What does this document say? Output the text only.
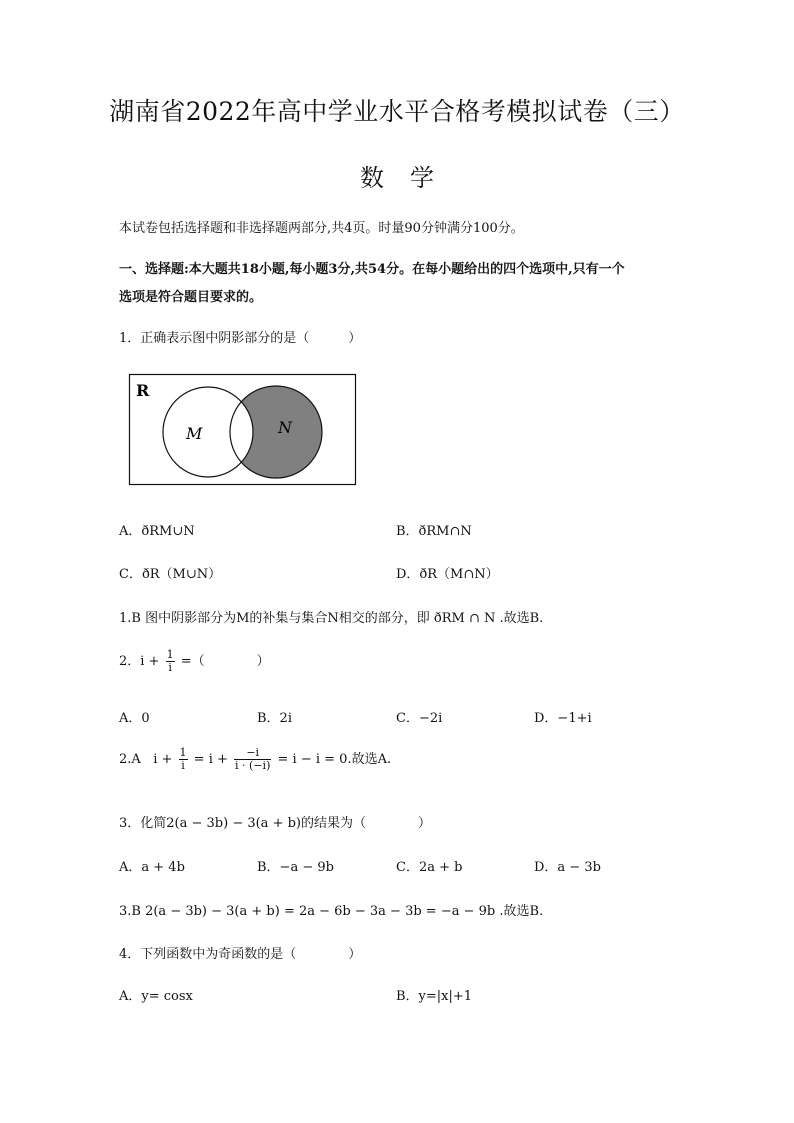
湖南省2022年高中学业水平合格考模拟试卷（三）
数学
本试卷包括选择题和非选择题两部分,共4页。时量90分钟满分100分。
一、选择题:本大题共18小题,每小题3分,共54分。在每小题给出的四个选项中,只有一个
选项是符合题目要求的。
1．正确表示图中阴影部分的是（　　　）
R
M	N
A．ðRM∪N	B．ðRM∩N
C．ðR（M∪N）	D．ðR（M∩N）
1.B 图中阴影部分为M的补集与集合N相交的部分，即 ðRM ∩ N .故选B.
2．$i + \frac{1}{i}$ =（　　　　）
A．0	B．2i	C．−2i	D．−1+i
2.A $i + \frac{1}{i} = i + \frac{-i}{i \cdot (-i)} = i - i = 0$.故选A.
3．化简2(a − 3b) − 3(a + b)的结果为（　　　　）
A．a + 4b	B．−a − 9b	C．2a + b	D．a − 3b
3.B 2(a − 3b) − 3(a + b) = 2a − 6b − 3a − 3b = −a − 9b .故选B.
4．下列函数中为奇函数的是（　　　　）
A．y= cosx	B．y=|x|+1
